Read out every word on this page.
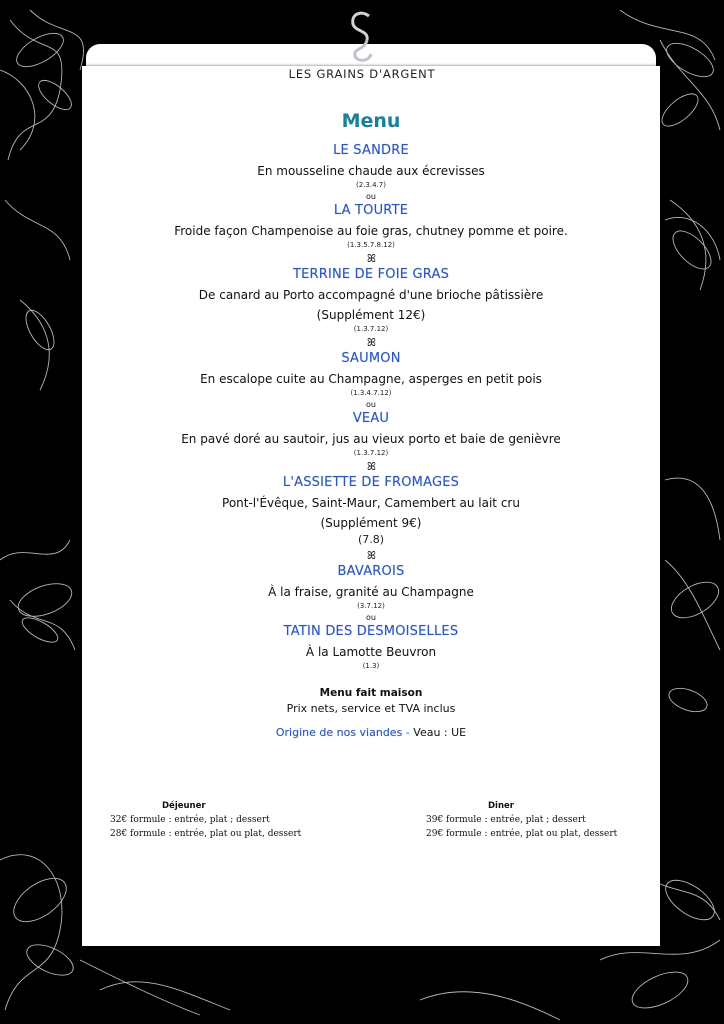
LES GRAINS D'ARGENT
Menu
LE SANDRE
En mousseline chaude aux écrevisses
(2.3.4.7)
ou
LA TOURTE
Froide façon Champenoise au foie gras, chutney pomme et poire.
(1.3.5.7.8.12)
ꕤ
TERRINE DE FOIE GRAS
De canard au Porto accompagné d'une brioche pâtissière
(Supplément 12€)
(1.3.7.12)
ꕤ
SAUMON
En escalope cuite au Champagne, asperges en petit pois
(1.3.4.7.12)
ou
VEAU
En pavé doré au sautoir, jus au vieux porto et baie de genièvre
(1.3.7.12)
ꕤ
L'ASSIETTE DE FROMAGES
Pont-l'Évêque, Saint-Maur, Camembert au lait cru
(Supplément 9€)
(7.8)
ꕤ
BAVAROIS
À la fraise, granité au Champagne
(3.7.12)
ou
TATIN DES DESMOISELLES
À la Lamotte Beuvron
(1.3)
Menu fait maison
Prix nets, service et TVA inclus
Origine de nos viandes - Veau : UE
Déjeuner
32€ formule : entrée, plat ; dessert
28€ formule : entrée, plat ou plat, dessert
Diner
39€ formule : entrée, plat ; dessert
29€ formule : entrée, plat ou plat, dessert
